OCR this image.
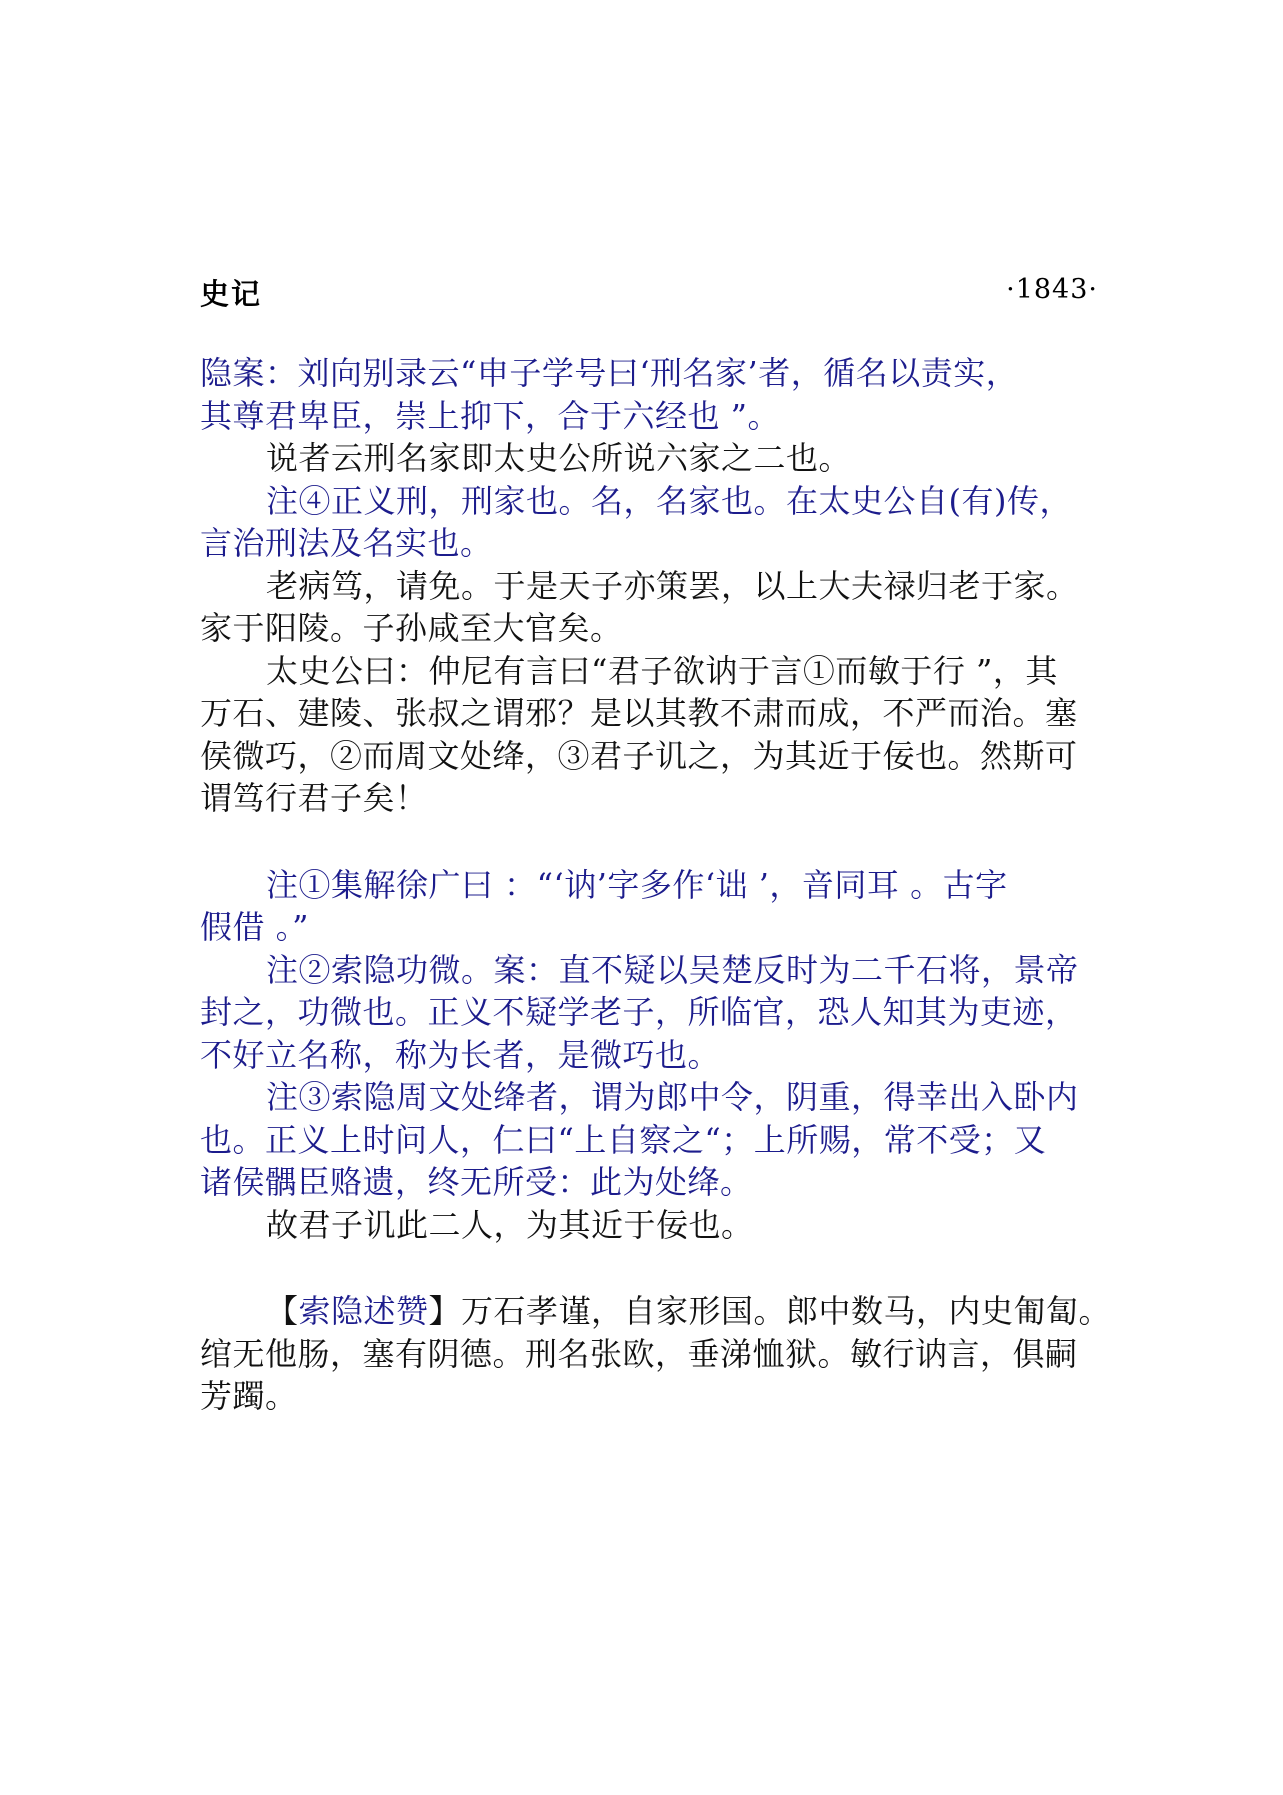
史记	·1843·
隐案：刘向别录云“申子学号曰‘刑名家’者，循名以责实，
其尊君卑臣，崇上抑下，合于六经也 ”。
说者云刑名家即太史公所说六家之二也。
注④正义刑，刑家也。名，名家也。在太史公自(有)传，
言治刑法及名实也。
老病笃，请免。于是天子亦策罢，以上大夫禄归老于家。
家于阳陵。子孙咸至大官矣。
太史公曰：仲尼有言曰“君子欲讷于言①而敏于行 ”，其
万石、建陵、张叔之谓邪？是以其教不肃而成，不严而治。塞
侯微巧，②而周文处绛，③君子讥之，为其近于佞也。然斯可
谓笃行君子矣！
注①集解徐广曰 ：“‘讷’字多作‘诎 ’，音同耳 。古字
假借 。”
注②索隐功微。案：直不疑以吴楚反时为二千石将，景帝
封之，功微也。正义不疑学老子，所临官，恐人知其为吏迹，
不好立名称，称为长者，是微巧也。
注③索隐周文处绛者，谓为郎中令，阴重，得幸出入卧内
也。正义上时问人，仁曰“上自察之“；上所赐，常不受；又
诸侯髃臣赂遗，终无所受：此为处绛。
故君子讥此二人，为其近于佞也。
【索隐述赞】万石孝谨，自家形国。郎中数马，内史匍匐。
绾无他肠，塞有阴德。刑名张欧，垂涕恤狱。敏行讷言，俱嗣
芳躅。
